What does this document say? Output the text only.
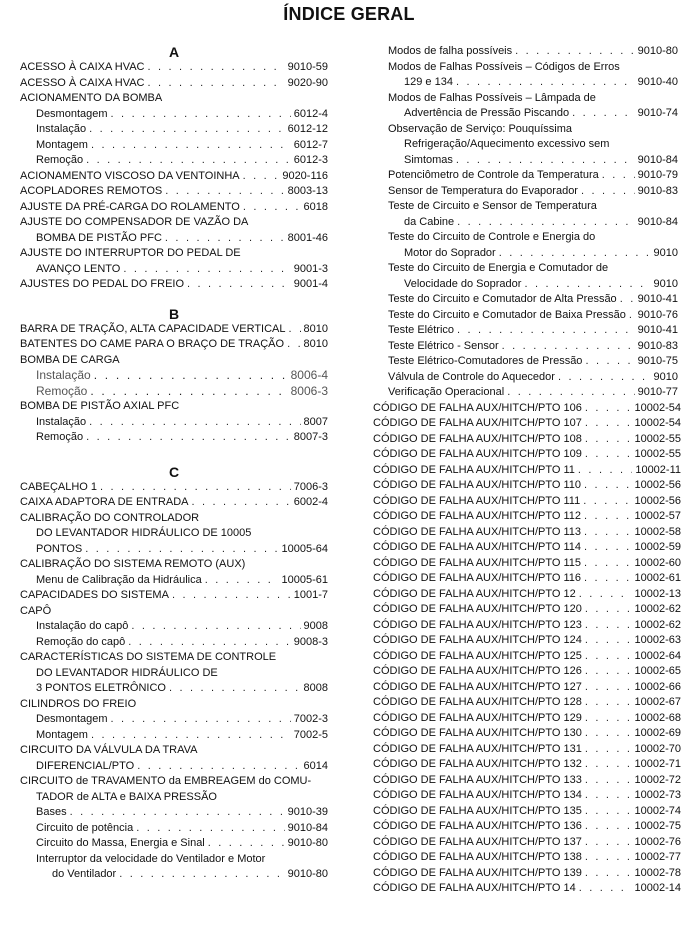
ÍNDICE GERAL
A
ACESSO À CAIXA HVAC . . .	9010-59
ACESSO À CAIXA HVAC . . .	9020-90
ACIONAMENTO DA BOMBA
Desmontagem . . .	6012-4
Instalação . . .	6012-12
Montagem . . .	6012-7
Remoção . . .	6012-3
ACIONAMENTO VISCOSO DA VENTOINHA . . .	9020-116
ACOPLADORES REMOTOS . . .	8003-13
AJUSTE DA PRÉ-CARGA DO ROLAMENTO . . .	6018
AJUSTE DO COMPENSADOR DE VAZÃO DA
BOMBA DE PISTÃO PFC . . .	8001-46
AJUSTE DO INTERRUPTOR DO PEDAL DE
AVANÇO LENTO . . .	9001-3
AJUSTES DO PEDAL DO FREIO . . .	9001-4
B
BARRA DE TRAÇÃO, ALTA CAPACIDADE VERTICAL . . . 8010
BATENTES DO CAME PARA O BRAÇO DE TRAÇÃO . . . 8010
BOMBA DE CARGA
Instalação . . .	8006-4
Remoção . . .	8006-3
BOMBA DE PISTÃO AXIAL PFC
Instalação . . .	8007
Remoção . . .	8007-3
C
CABEÇALHO 1 . . .	7006-3
CAIXA ADAPTORA DE ENTRADA . . .	6002-4
CALIBRAÇÃO DO CONTROLADOR
DO LEVANTADOR HIDRÁULICO DE 10005
PONTOS . . .	10005-64
CALIBRAÇÃO DO SISTEMA REMOTO (AUX)
Menu de Calibração da Hidráulica . . .	10005-61
CAPACIDADES DO SISTEMA . . .	1001-7
CAPÔ
Instalação do capô . . .	9008
Remoção do capô . . .	9008-3
CARACTERÍSTICAS DO SISTEMA DE CONTROLE
DO LEVANTADOR HIDRÁULICO DE
3 PONTOS ELETRÔNICO . . .	8008
CILINDROS DO FREIO
Desmontagem . . .	7002-3
Montagem . . .	7002-5
CIRCUITO DA VÁLVULA DA TRAVA
DIFERENCIAL/PTO . . .	6014
CIRCUITO de TRAVAMENTO da EMBREAGEM do COMU-
TADOR de ALTA e BAIXA PRESSÃO
Bases . . .	9010-39
Circuito de potência . . .	9010-84
Circuito do Massa, Energia e Sinal . . .	9010-80
Interruptor da velocidade do Ventilador e Motor
do Ventilador . . .	9010-80
Modos de falha possíveis . . .	9010-80
Modos de Falhas Possíveis – Códigos de Erros
129 e 134 . . .	9010-40
Modos de Falhas Possíveis – Lâmpada de
Advertência de Pressão Piscando . . .	9010-74
Observação de Serviço: Pouquíssima
Refrigeração/Aquecimento excessivo sem
Simtomas . . .	9010-84
Potenciômetro de Controle da Temperatura . . .	9010-79
Sensor de Temperatura do Evaporador . . .	9010-83
Teste de Circuito e Sensor de Temperatura
da Cabine . . .	9010-84
Teste do Circuito de Controle e Energia do
Motor do Soprador . . .	9010
Teste do Circuito de Energia e Comutador de
Velocidade do Soprador . . .	9010
Teste do Circuito e Comutador de Alta Pressão . . . 9010-41
Teste do Circuito e Comutador de Baixa Pressão . . . 9010-76
Teste Elétrico . . .	9010-41
Teste Elétrico - Sensor . . .	9010-83
Teste Elétrico-Comutadores de Pressão . . .	9010-75
Válvula de Controle do Aquecedor . . .	9010
Verificação Operacional . . .	9010-77
CÓDIGO DE FALHA AUX/HITCH/PTO 106 . . .	10002-54
CÓDIGO DE FALHA AUX/HITCH/PTO 107 . . .	10002-54
CÓDIGO DE FALHA AUX/HITCH/PTO 108 . . .	10002-55
CÓDIGO DE FALHA AUX/HITCH/PTO 109 . . .	10002-55
CÓDIGO DE FALHA AUX/HITCH/PTO 11 . . .	10002-11
CÓDIGO DE FALHA AUX/HITCH/PTO 110 . . .	10002-56
CÓDIGO DE FALHA AUX/HITCH/PTO 111 . . .	10002-56
CÓDIGO DE FALHA AUX/HITCH/PTO 112 . . .	10002-57
CÓDIGO DE FALHA AUX/HITCH/PTO 113 . . .	10002-58
CÓDIGO DE FALHA AUX/HITCH/PTO 114 . . .	10002-59
CÓDIGO DE FALHA AUX/HITCH/PTO 115 . . .	10002-60
CÓDIGO DE FALHA AUX/HITCH/PTO 116 . . .	10002-61
CÓDIGO DE FALHA AUX/HITCH/PTO 12 . . .	10002-13
CÓDIGO DE FALHA AUX/HITCH/PTO 120 . . .	10002-62
CÓDIGO DE FALHA AUX/HITCH/PTO 123 . . .	10002-62
CÓDIGO DE FALHA AUX/HITCH/PTO 124 . . .	10002-63
CÓDIGO DE FALHA AUX/HITCH/PTO 125 . . .	10002-64
CÓDIGO DE FALHA AUX/HITCH/PTO 126 . . .	10002-65
CÓDIGO DE FALHA AUX/HITCH/PTO 127 . . .	10002-66
CÓDIGO DE FALHA AUX/HITCH/PTO 128 . . .	10002-67
CÓDIGO DE FALHA AUX/HITCH/PTO 129 . . .	10002-68
CÓDIGO DE FALHA AUX/HITCH/PTO 130 . . .	10002-69
CÓDIGO DE FALHA AUX/HITCH/PTO 131 . . .	10002-70
CÓDIGO DE FALHA AUX/HITCH/PTO 132 . . .	10002-71
CÓDIGO DE FALHA AUX/HITCH/PTO 133 . . .	10002-72
CÓDIGO DE FALHA AUX/HITCH/PTO 134 . . .	10002-73
CÓDIGO DE FALHA AUX/HITCH/PTO 135 . . .	10002-74
CÓDIGO DE FALHA AUX/HITCH/PTO 136 . . .	10002-75
CÓDIGO DE FALHA AUX/HITCH/PTO 137 . . .	10002-76
CÓDIGO DE FALHA AUX/HITCH/PTO 138 . . .	10002-77
CÓDIGO DE FALHA AUX/HITCH/PTO 139 . . .	10002-78
CÓDIGO DE FALHA AUX/HITCH/PTO 14 . . .	10002-14
